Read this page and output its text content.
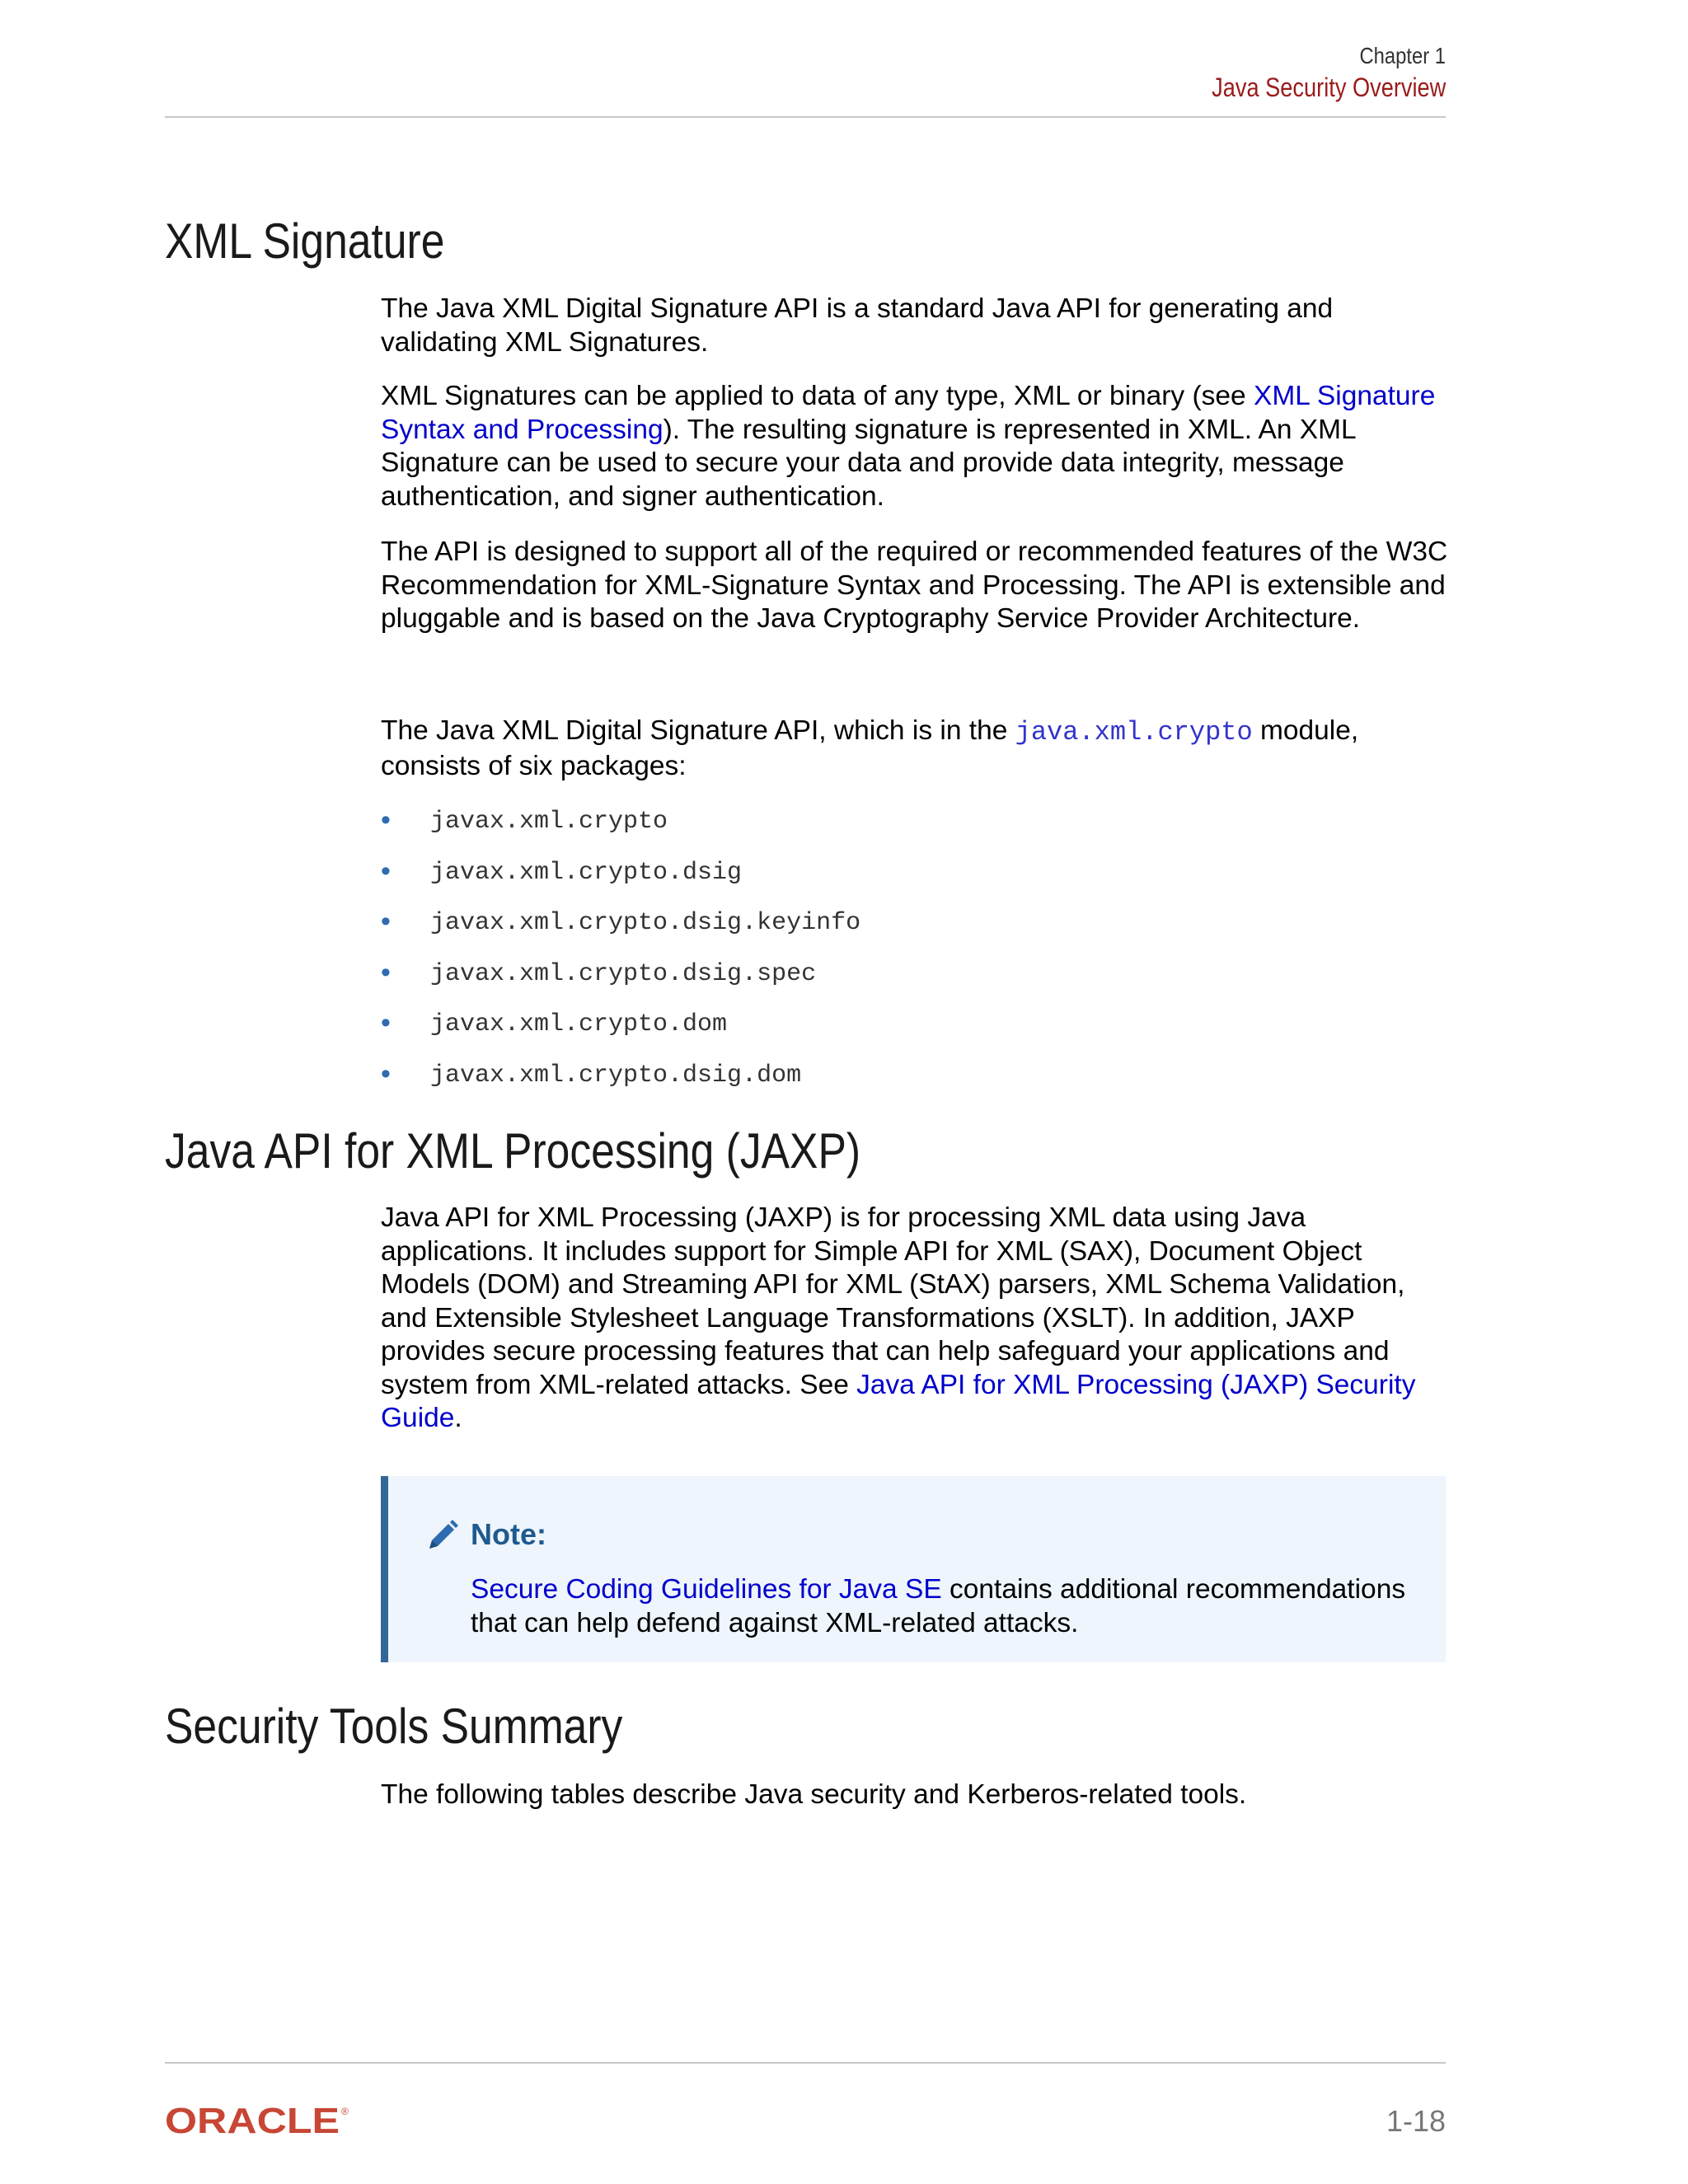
Chapter 1
Java Security Overview
XML Signature

The Java XML Digital Signature API is a standard Java API for generating and validating XML Signatures.

XML Signatures can be applied to data of any type, XML or binary (see XML Signature Syntax and Processing). The resulting signature is represented in XML. An XML Signature can be used to secure your data and provide data integrity, message authentication, and signer authentication.

The API is designed to support all of the required or recommended features of the W3C Recommendation for XML-Signature Syntax and Processing. The API is extensible and pluggable and is based on the Java Cryptography Service Provider Architecture.

The Java XML Digital Signature API, which is in the java.xml.crypto module, consists of six packages:

• javax.xml.crypto
• javax.xml.crypto.dsig
• javax.xml.crypto.dsig.keyinfo
• javax.xml.crypto.dsig.spec
• javax.xml.crypto.dom
• javax.xml.crypto.dsig.dom
Java API for XML Processing (JAXP)

Java API for XML Processing (JAXP) is for processing XML data using Java applications. It includes support for Simple API for XML (SAX), Document Object Models (DOM) and Streaming API for XML (StAX) parsers, XML Schema Validation, and Extensible Stylesheet Language Transformations (XSLT). In addition, JAXP provides secure processing features that can help safeguard your applications and system from XML-related attacks. See Java API for XML Processing (JAXP) Security Guide.

Note:

Secure Coding Guidelines for Java SE contains additional recommendations that can help defend against XML-related attacks.

Security Tools Summary

The following tables describe Java security and Kerberos-related tools.

ORACLE ®	1-18
